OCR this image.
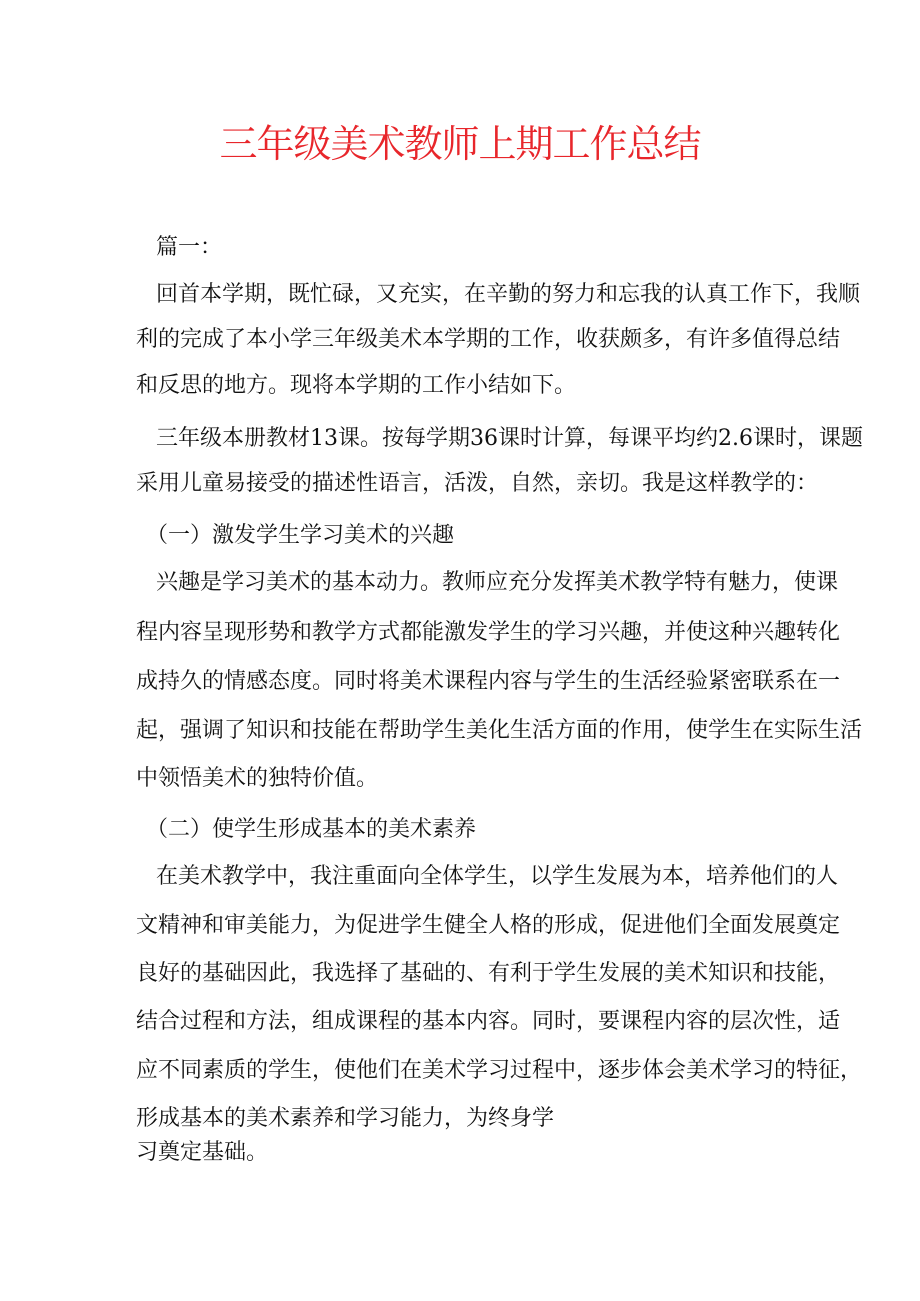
三年级美术教师上期工作总结
篇一：
回首本学期，既忙碌，又充实，在辛勤的努力和忘我的认真工作下，我顺
利的完成了本小学三年级美术本学期的工作，收获颇多，有许多值得总结
和反思的地方。现将本学期的工作小结如下。
三年级本册教材13课。按每学期36课时计算，每课平均约2.6课时，课题
采用儿童易接受的描述性语言，活泼，自然，亲切。我是这样教学的：
（一）激发学生学习美术的兴趣
兴趣是学习美术的基本动力。教师应充分发挥美术教学特有魅力，使课
程内容呈现形势和教学方式都能激发学生的学习兴趣，并使这种兴趣转化
成持久的情感态度。同时将美术课程内容与学生的生活经验紧密联系在一
起，强调了知识和技能在帮助学生美化生活方面的作用，使学生在实际生活
中领悟美术的独特价值。
（二）使学生形成基本的美术素养
在美术教学中，我注重面向全体学生，以学生发展为本，培养他们的人
文精神和审美能力，为促进学生健全人格的形成，促进他们全面发展奠定
良好的基础因此，我选择了基础的、有利于学生发展的美术知识和技能，
结合过程和方法，组成课程的基本内容。同时，要课程内容的层次性，适
应不同素质的学生，使他们在美术学习过程中，逐步体会美术学习的特征，
形成基本的美术素养和学习能力，为终身学
习奠定基础。
